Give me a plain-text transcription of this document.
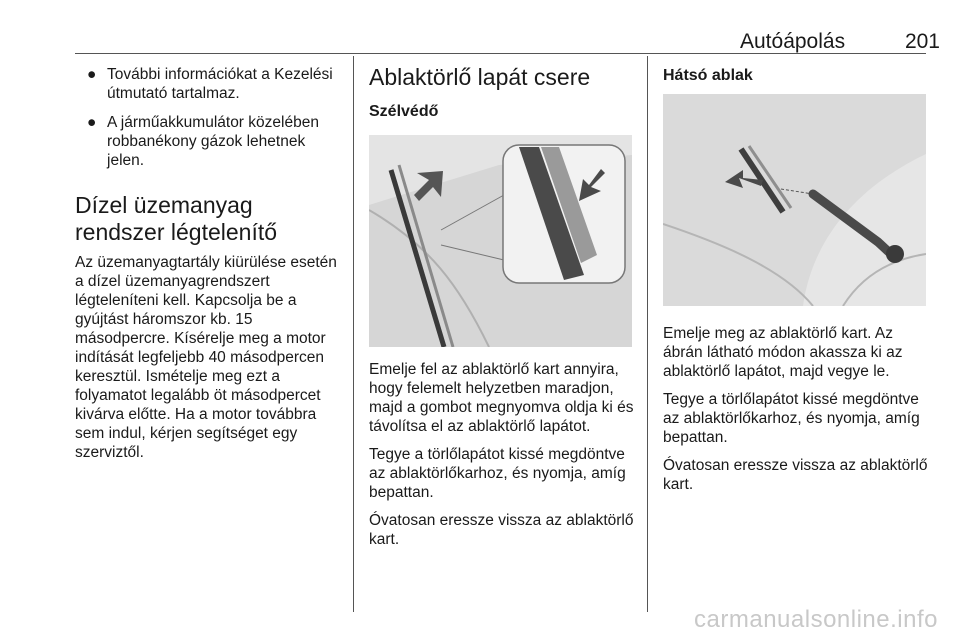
Autóápolás	201
● További információkat a Kezelési útmutató tartalmaz.
● A járműakkumulátor közelében robbanékony gázok lehetnek jelen.
Dízel üzemanyag rendszer légtelenítő

Az üzemanyagtartály kiürülése esetén a dízel üzemanyagrendszert légteleníteni kell. Kapcsolja be a gyújtást háromszor kb. 15 másodpercre. Kísérelje meg a motor indítását legfeljebb 40 másodpercen keresztül. Ismételje meg ezt a folyamatot legalább öt másodpercet kivárva előtte. Ha a motor továbbra sem indul, kérjen segítséget egy szerviztől.

Ablaktörlő lapát csere
Szélvédő

Emelje fel az ablaktörlő kart annyira, hogy felemelt helyzetben maradjon, majd a gombot megnyomva oldja ki és távolítsa el az ablaktörlő lapátot.

Tegye a törlőlapátot kissé megdöntve az ablaktörlőkarhoz, és nyomja, amíg bepattan.

Óvatosan eressze vissza az ablaktörlő kart.

Hátsó ablak

Emelje meg az ablaktörlő kart. Az ábrán látható módon akassza ki az ablaktörlő lapátot, majd vegye le.

Tegye a törlőlapátot kissé megdöntve az ablaktörlőkarhoz, és nyomja, amíg bepattan.

Óvatosan eressze vissza az ablaktörlő kart.

carmanualsonline.info
